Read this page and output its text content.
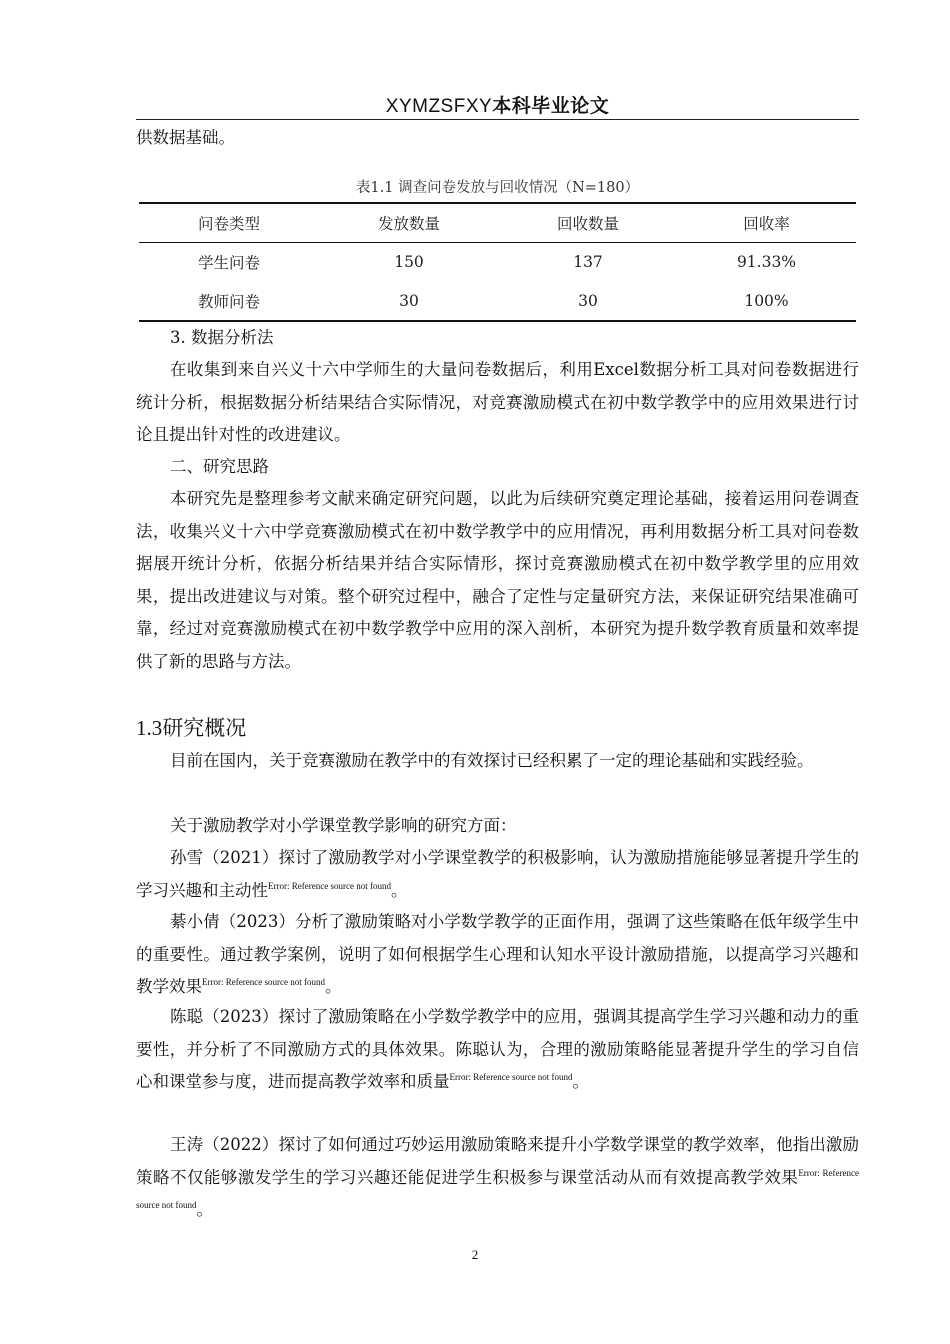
XYMZSFXY本科毕业论文
供数据基础。
表1.1 调查问卷发放与回收情况（N=180）
问卷类型	发放数量	回收数量	回收率
学生问卷	150	137	91.33%
教师问卷	30	30	100%
3. 数据分析法
在收集到来自兴义十六中学师生的大量问卷数据后，利用Excel数据分析工具对问卷数据进行统计分析，根据数据分析结果结合实际情况，对竞赛激励模式在初中数学教学中的应用效果进行讨论且提出针对性的改进建议。
二、研究思路
本研究先是整理参考文献来确定研究问题，以此为后续研究奠定理论基础，接着运用问卷调查法，收集兴义十六中学竞赛激励模式在初中数学教学中的应用情况，再利用数据分析工具对问卷数据展开统计分析，依据分析结果并结合实际情形，探讨竞赛激励模式在初中数学教学里的应用效果，提出改进建议与对策。整个研究过程中，融合了定性与定量研究方法，来保证研究结果准确可靠，经过对竞赛激励模式在初中数学教学中应用的深入剖析，本研究为提升数学教育质量和效率提供了新的思路与方法。
1.3研究概况
目前在国内，关于竞赛激励在教学中的有效探讨已经积累了一定的理论基础和实践经验。
关于激励教学对小学课堂教学影响的研究方面：
孙雪（2021）探讨了激励教学对小学课堂教学的积极影响，认为激励措施能够显著提升学生的学习兴趣和主动性$^{Error: Reference source not found}$。
綦小倩（2023）分析了激励策略对小学数学教学的正面作用，强调了这些策略在低年级学生中的重要性。通过教学案例，说明了如何根据学生心理和认知水平设计激励措施，以提高学习兴趣和教学效果$^{Error: Reference source not found}$。
陈聪（2023）探讨了激励策略在小学数学教学中的应用，强调其提高学生学习兴趣和动力的重要性，并分析了不同激励方式的具体效果。陈聪认为，合理的激励策略能显著提升学生的学习自信心和课堂参与度，进而提高教学效率和质量$^{Error: Reference source not found}$。
王涛（2022）探讨了如何通过巧妙运用激励策略来提升小学数学课堂的教学效率，他指出激励策略不仅能够激发学生的学习兴趣还能促进学生积极参与课堂活动从而有效提高教学效果$^{Error: Reference source not found}$。
2
